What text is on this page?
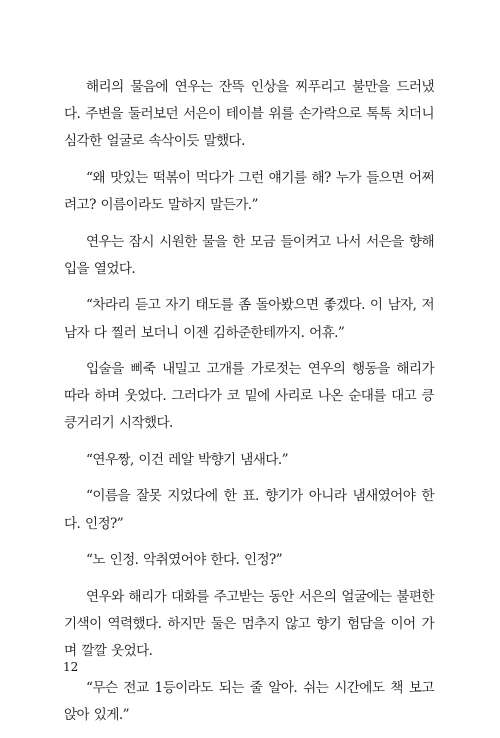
해리의 물음에 연우는 잔뜩 인상을 찌푸리고 불만을 드러냈다. 주변을 둘러보던 서은이 테이블 위를 손가락으로 톡톡 치더니 심각한 얼굴로 속삭이듯 말했다.

“왜 맛있는 떡볶이 먹다가 그런 얘기를 해? 누가 들으면 어쩌려고? 이름이라도 말하지 말든가.”

연우는 잠시 시원한 물을 한 모금 들이켜고 나서 서은을 향해 입을 열었다.

“차라리 듣고 자기 태도를 좀 돌아봤으면 좋겠다. 이 남자, 저 남자 다 찔러 보더니 이젠 김하준한테까지. 어휴.”

입술을 삐죽 내밀고 고개를 가로젓는 연우의 행동을 해리가 따라 하며 웃었다. 그러다가 코 밑에 사리로 나온 순대를 대고 킁킁거리기 시작했다.

“연우짱, 이건 레알 박향기 냄새다.”

“이름을 잘못 지었다에 한 표. 향기가 아니라 냄새였어야 한다. 인정?”

“노 인정. 악취였어야 한다. 인정?”

연우와 해리가 대화를 주고받는 동안 서은의 얼굴에는 불편한 기색이 역력했다. 하지만 둘은 멈추지 않고 향기 험담을 이어 가며 깔깔 웃었다.

“무슨 전교 1등이라도 되는 줄 알아. 쉬는 시간에도 책 보고 앉아 있게.”

12
